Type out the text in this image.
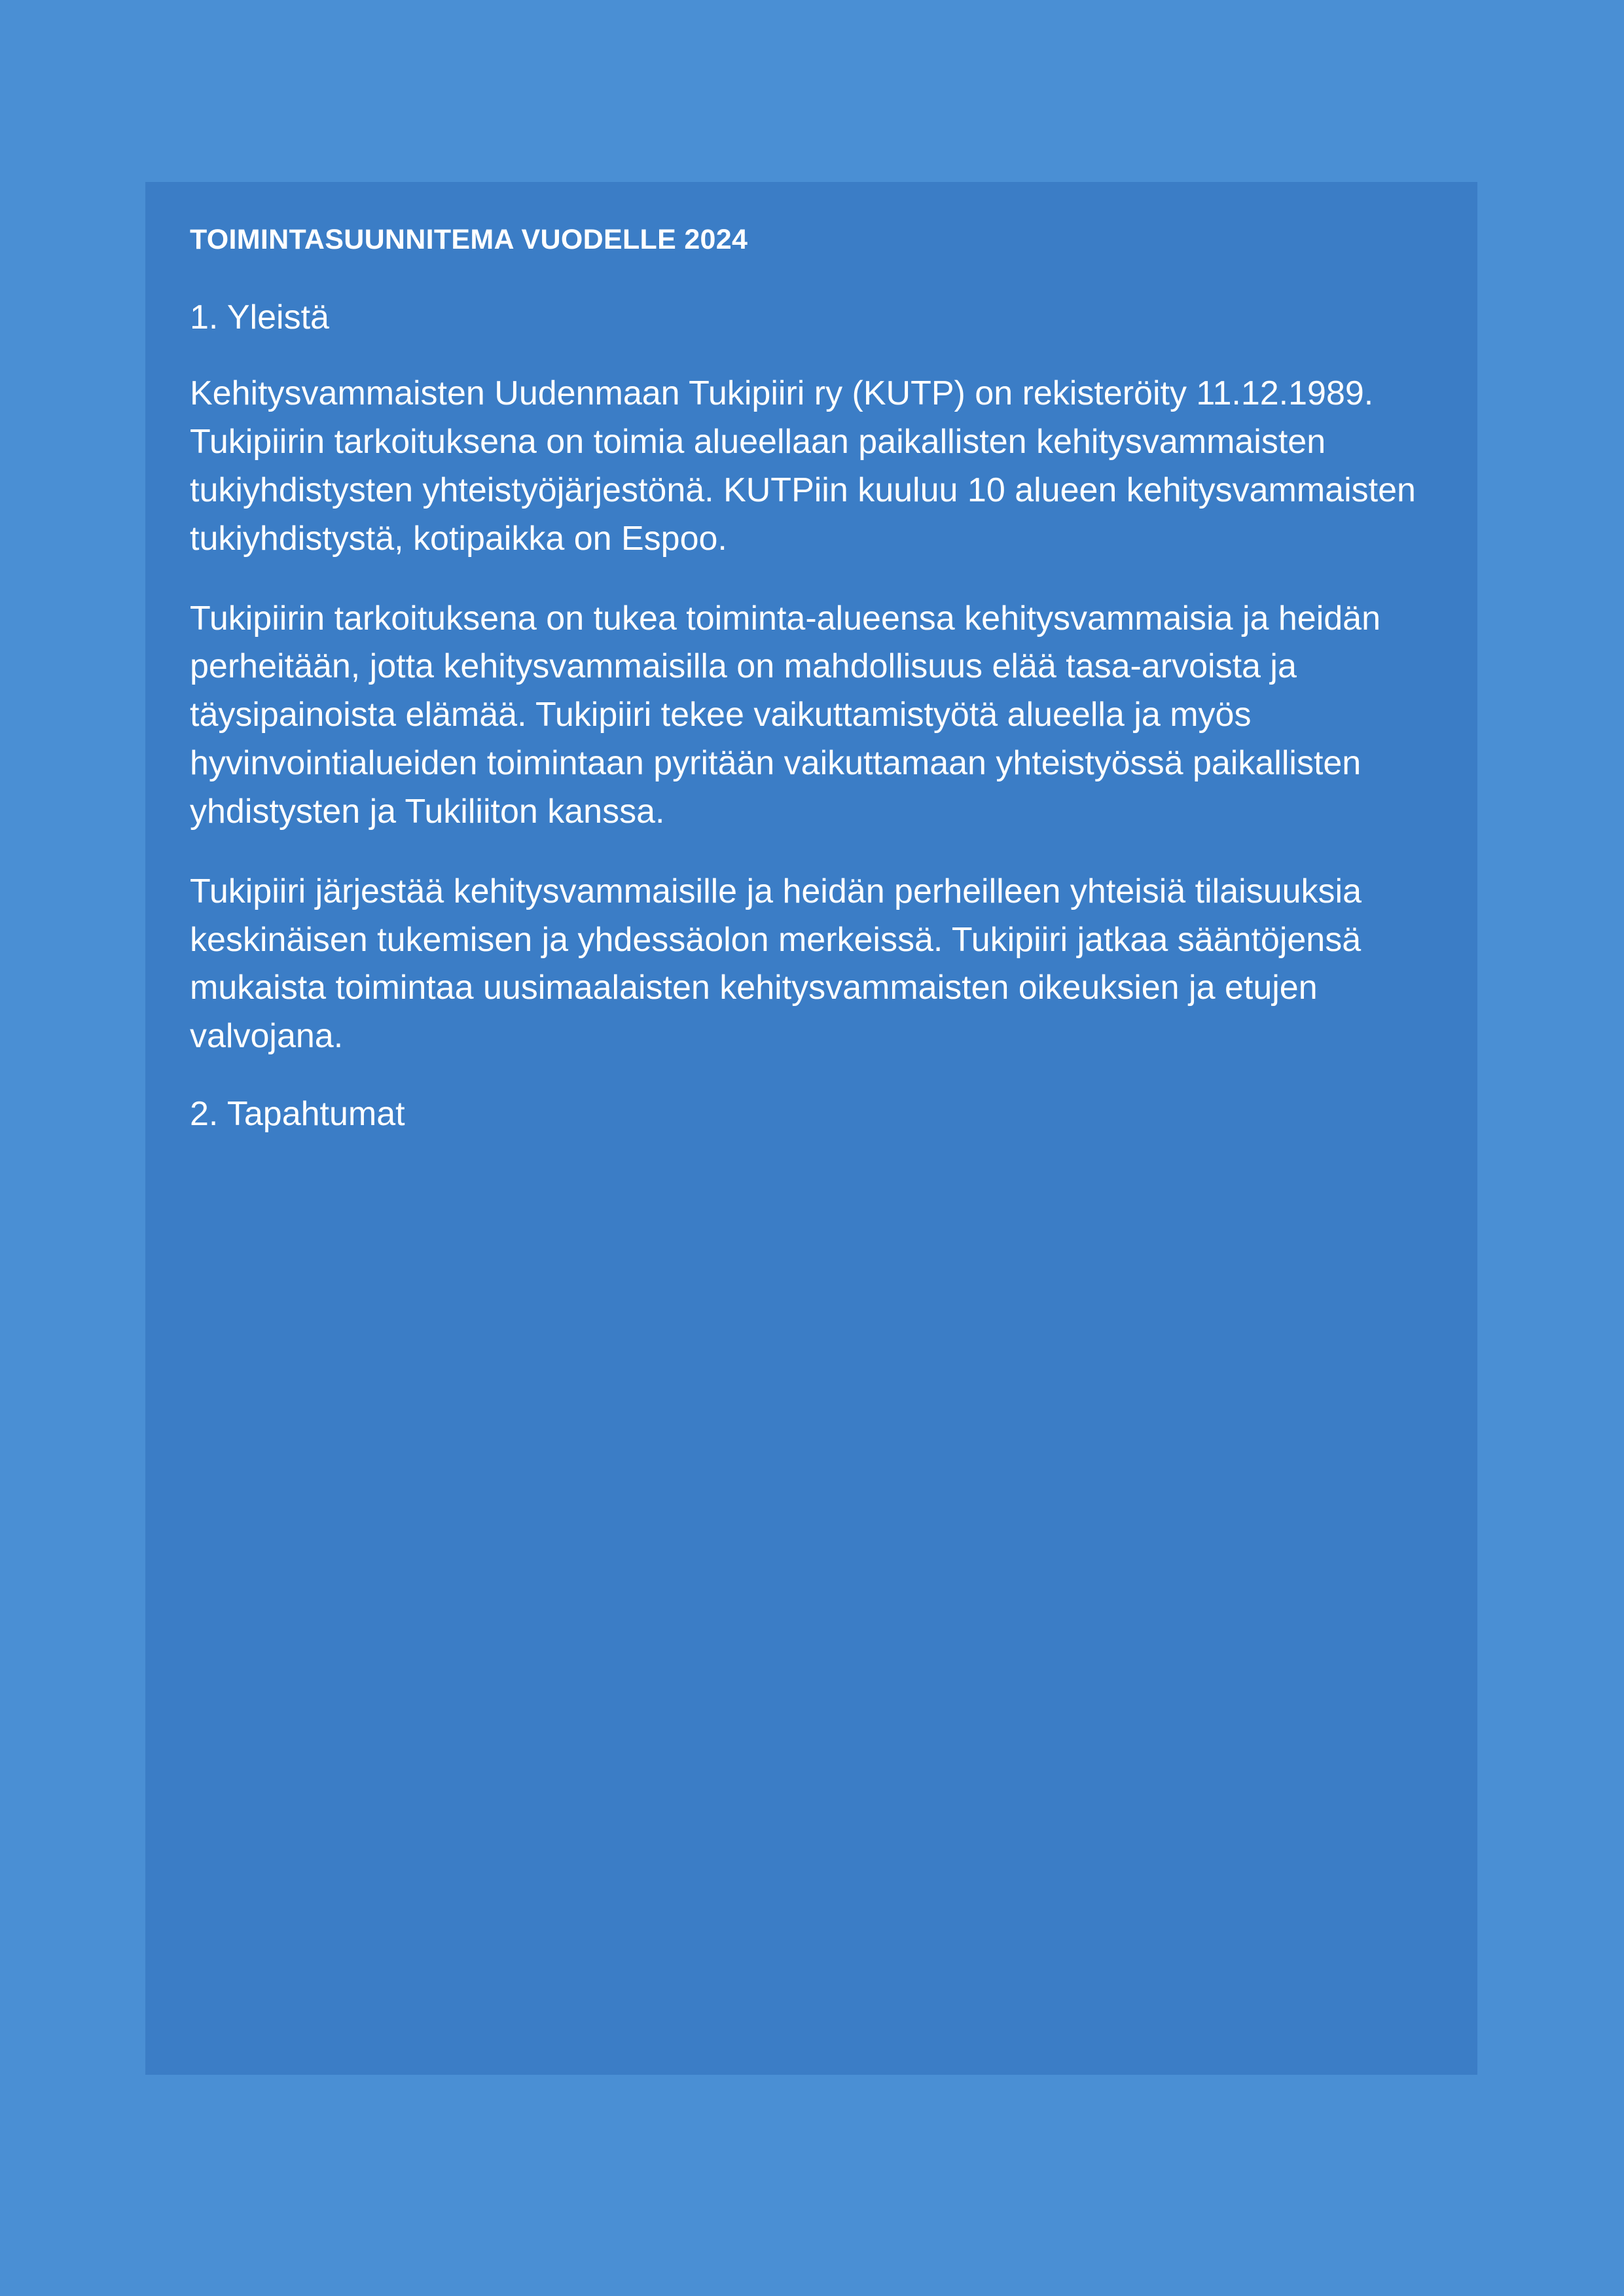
TOIMINTASUUNNITEMA VUODELLE 2024
1. Yleistä

Kehitysvammaisten Uudenmaan Tukipiiri ry (KUTP) on rekisteröity 11.12.1989. Tukipiirin tarkoituksena on toimia alueellaan paikallisten kehitysvammaisten tukiyhdistysten yhteistyöjärjestönä. KUTPiin kuuluu 10 alueen kehitysvammaisten tukiyhdistystä, kotipaikka on Espoo.

Tukipiirin tarkoituksena on tukea toiminta-alueensa kehitysvammaisia ja heidän perheitään, jotta kehitysvammaisilla on mahdollisuus elää tasa-arvoista ja täysipainoista elämää. Tukipiiri tekee vaikuttamistyötä alueella ja myös hyvinvointialueiden toimintaan pyritään vaikuttamaan yhteistyössä paikallisten yhdistysten ja Tukiliiton kanssa.

Tukipiiri järjestää kehitysvammaisille ja heidän perheilleen yhteisiä tilaisuuksia keskinäisen tukemisen ja yhdessäolon merkeissä. Tukipiiri jatkaa sääntöjensä mukaista toimintaa uusimaalaisten kehitysvammaisten oikeuksien ja etujen valvojana.

2. Tapahtumat
